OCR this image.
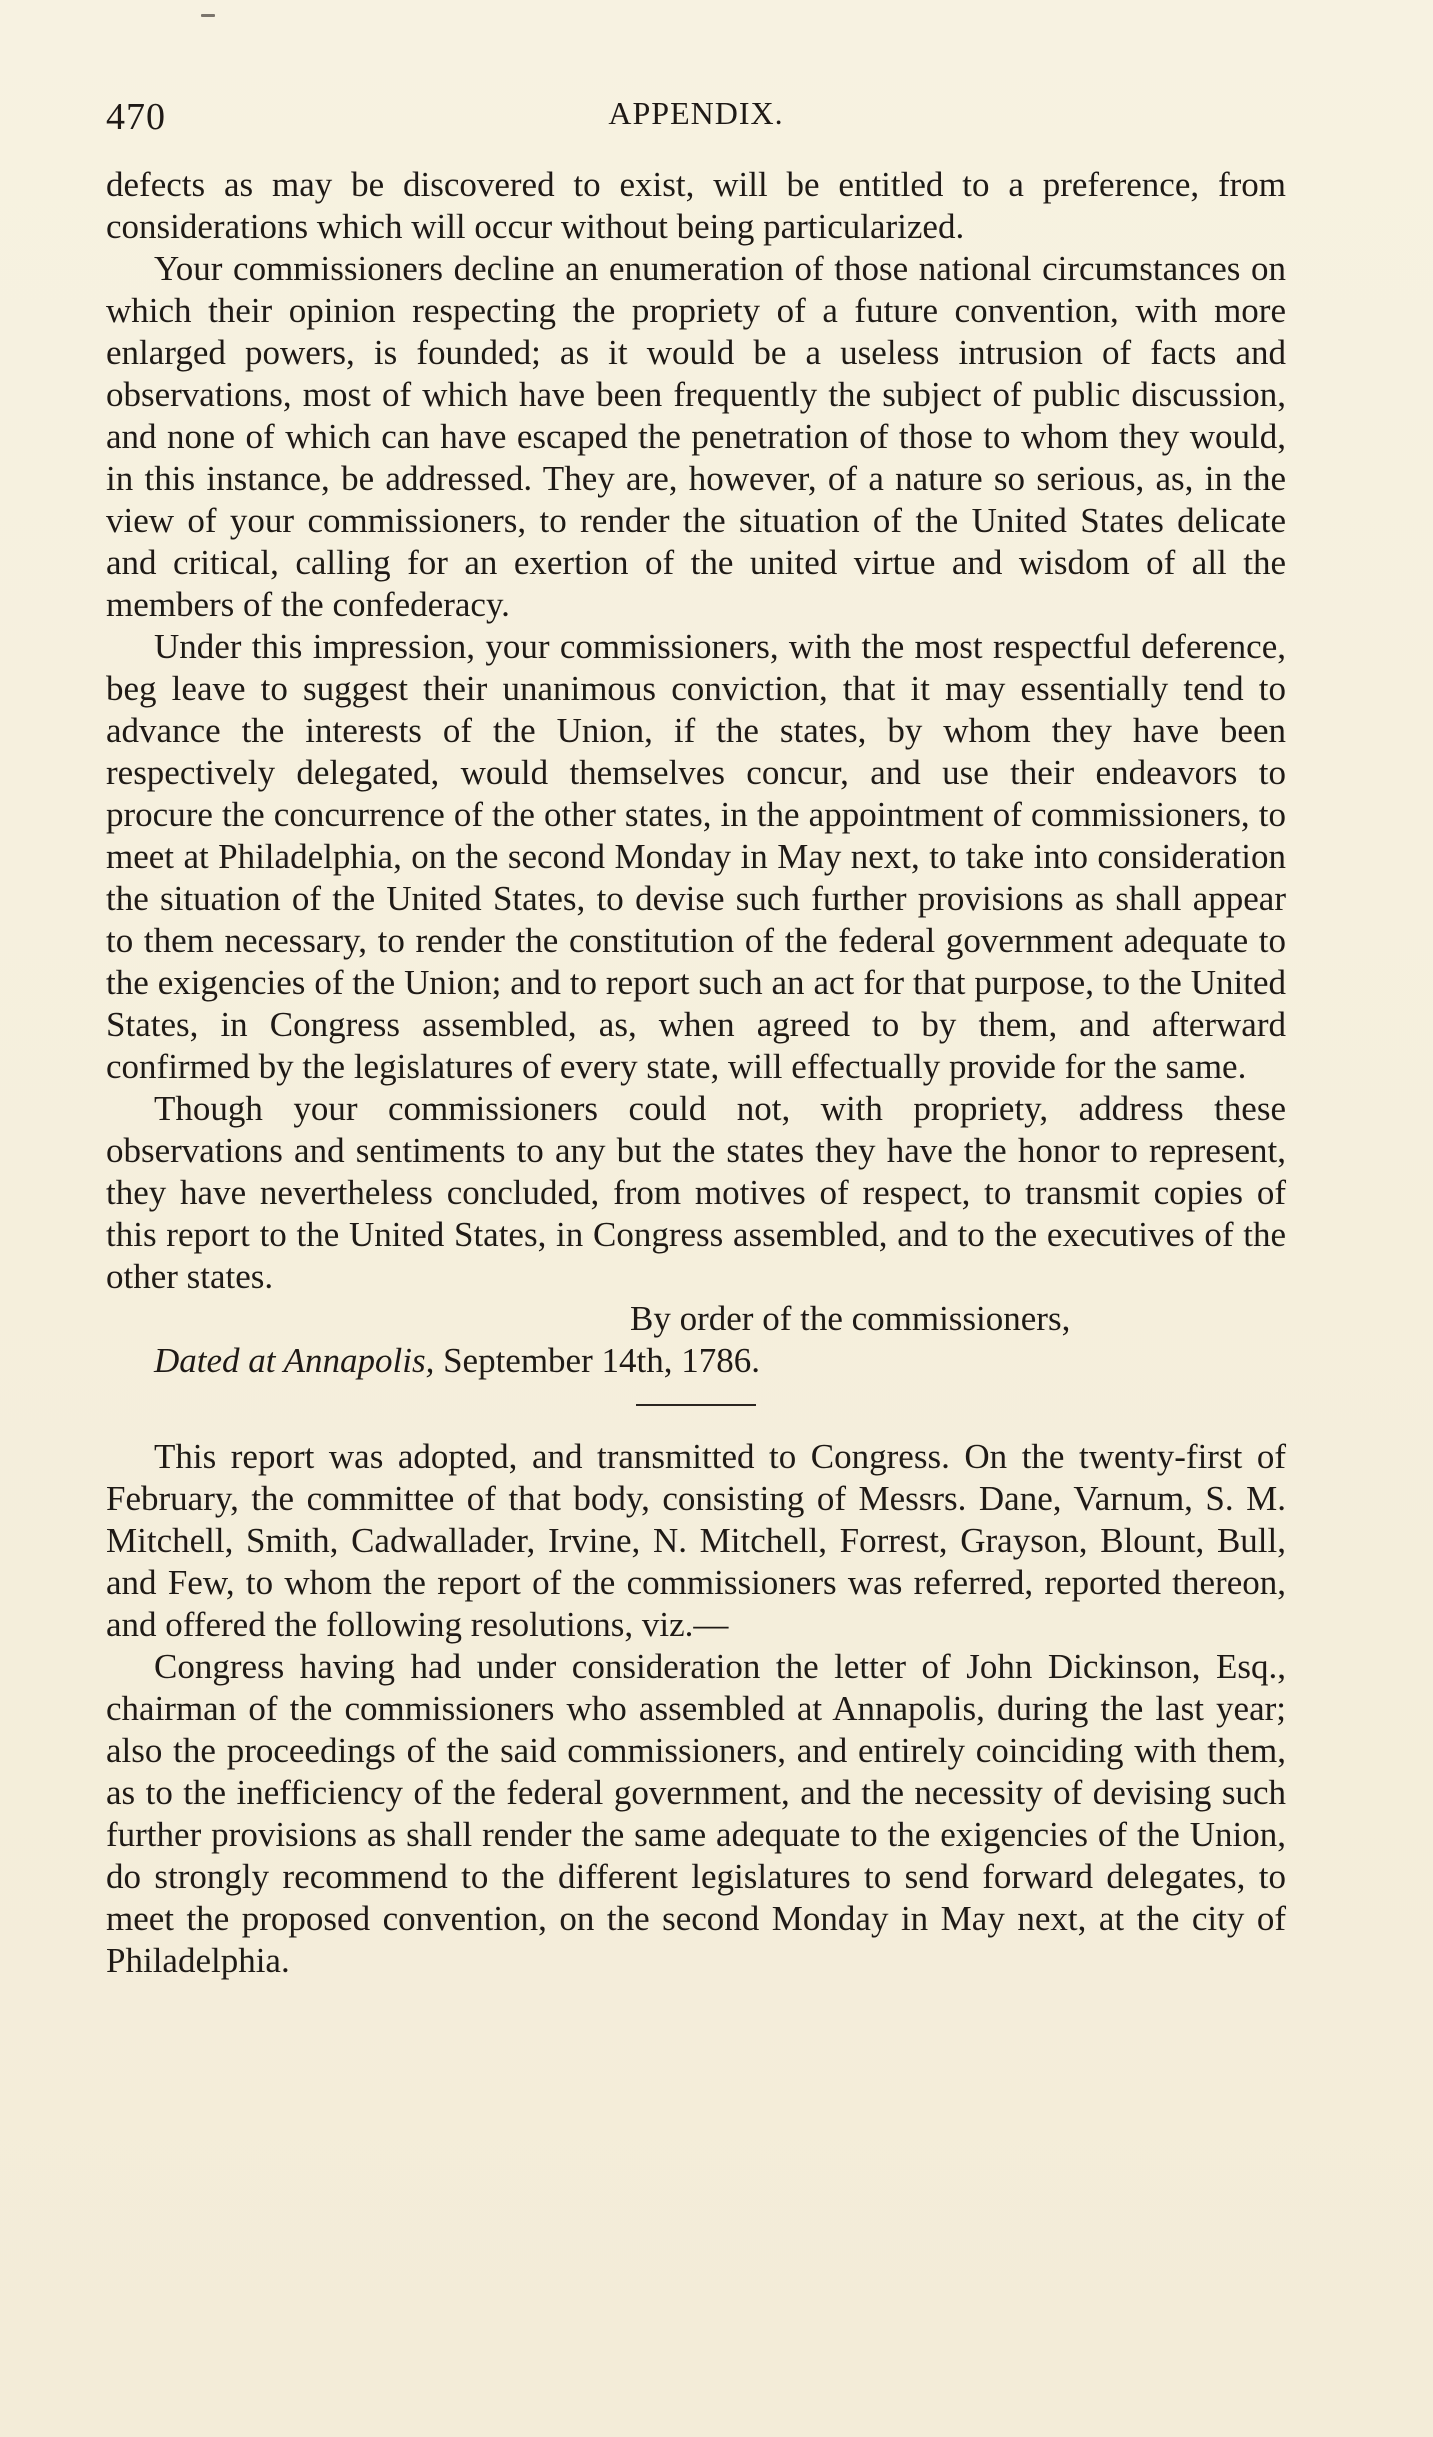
470	APPENDIX.

defects as may be discovered to exist, will be entitled to a preference, from considerations which will occur without being particularized.

Your commissioners decline an enumeration of those national circumstances on which their opinion respecting the propriety of a future convention, with more enlarged powers, is founded; as it would be a useless intrusion of facts and observations, most of which have been frequently the subject of public discussion, and none of which can have escaped the penetration of those to whom they would, in this instance, be addressed. They are, however, of a nature so serious, as, in the view of your commissioners, to render the situation of the United States delicate and critical, calling for an exertion of the united virtue and wisdom of all the members of the confederacy.

Under this impression, your commissioners, with the most respectful deference, beg leave to suggest their unanimous conviction, that it may essentially tend to advance the interests of the Union, if the states, by whom they have been respectively delegated, would themselves concur, and use their endeavors to procure the concurrence of the other states, in the appointment of commissioners, to meet at Philadelphia, on the second Monday in May next, to take into consideration the situation of the United States, to devise such further provisions as shall appear to them necessary, to render the constitution of the federal government adequate to the exigencies of the Union; and to report such an act for that purpose, to the United States, in Congress assembled, as, when agreed to by them, and afterward confirmed by the legislatures of every state, will effectually provide for the same.

Though your commissioners could not, with propriety, address these observations and sentiments to any but the states they have the honor to represent, they have nevertheless concluded, from motives of respect, to transmit copies of this report to the United States, in Congress assembled, and to the executives of the other states.

By order of the commissioners,

Dated at Annapolis, September 14th, 1786.

This report was adopted, and transmitted to Congress. On the twenty-first of February, the committee of that body, consisting of Messrs. Dane, Varnum, S. M. Mitchell, Smith, Cadwallader, Irvine, N. Mitchell, Forrest, Grayson, Blount, Bull, and Few, to whom the report of the commissioners was referred, reported thereon, and offered the following resolutions, viz.—

Congress having had under consideration the letter of John Dickinson, Esq., chairman of the commissioners who assembled at Annapolis, during the last year; also the proceedings of the said commissioners, and entirely coinciding with them, as to the inefficiency of the federal government, and the necessity of devising such further provisions as shall render the same adequate to the exigencies of the Union, do strongly recommend to the different legislatures to send forward delegates, to meet the proposed convention, on the second Monday in May next, at the city of Philadelphia.
